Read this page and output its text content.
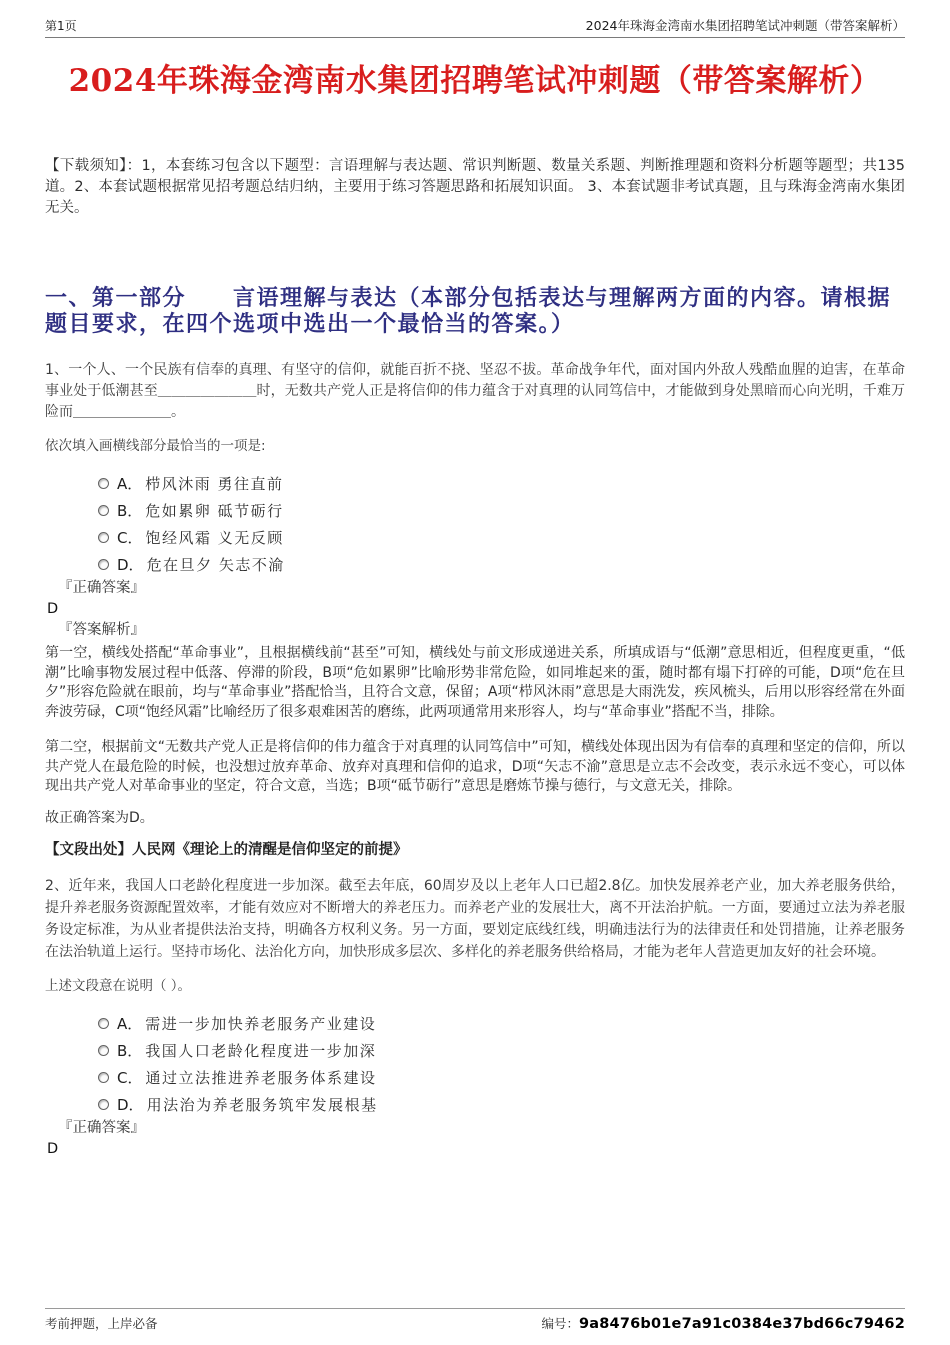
第1页	2024年珠海金湾南水集团招聘笔试冲刺题（带答案解析）
2024年珠海金湾南水集团招聘笔试冲刺题（带答案解析）

【下载须知】：1，本套练习包含以下题型：言语理解与表达题、常识判断题、数量关系题、判断推理题和资料分析题等题型；共135道。2、本套试题根据常见招考题总结归纳，主要用于练习答题思路和拓展知识面。 3、本套试题非考试真题，且与珠海金湾南水集团无关。

一、第一部分　　言语理解与表达（本部分包括表达与理解两方面的内容。请根据题目要求，在四个选项中选出一个最恰当的答案。）

1、一个人、一个民族有信奉的真理、有坚守的信仰，就能百折不挠、坚忍不拔。革命战争年代，面对国内外敌人残酷血腥的迫害，在革命事业处于低潮甚至＿＿＿＿＿＿＿时，无数共产党人正是将信仰的伟力蕴含于对真理的认同笃信中，才能做到身处黑暗而心向光明，千难万险而＿＿＿＿＿＿＿。

依次填入画横线部分最恰当的一项是:

A． 栉风沐雨 勇往直前
B． 危如累卵 砥节砺行
C． 饱经风霜 义无反顾
D． 危在旦夕 矢志不渝
『正确答案』
D
『答案解析』

第一空，横线处搭配“革命事业”，且根据横线前“甚至”可知，横线处与前文形成递进关系，所填成语与“低潮”意思相近，但程度更重，“低潮”比喻事物发展过程中低落、停滞的阶段，B项“危如累卵”比喻形势非常危险，如同堆起来的蛋，随时都有塌下打碎的可能，D项“危在旦夕”形容危险就在眼前，均与“革命事业”搭配恰当，且符合文意，保留；A项“栉风沐雨”意思是大雨洗发，疾风梳头，后用以形容经常在外面奔波劳碌，C项“饱经风霜”比喻经历了很多艰难困苦的磨练，此两项通常用来形容人，均与“革命事业”搭配不当，排除。

第二空，根据前文“无数共产党人正是将信仰的伟力蕴含于对真理的认同笃信中”可知，横线处体现出因为有信奉的真理和坚定的信仰，所以共产党人在最危险的时候，也没想过放弃革命、放弃对真理和信仰的追求，D项“矢志不渝”意思是立志不会改变，表示永远不变心，可以体现出共产党人对革命事业的坚定，符合文意，当选；B项“砥节砺行”意思是磨炼节操与德行，与文意无关，排除。

故正确答案为D。
【文段出处】人民网《理论上的清醒是信仰坚定的前提》

2、近年来，我国人口老龄化程度进一步加深。截至去年底，60周岁及以上老年人口已超2.8亿。加快发展养老产业，加大养老服务供给，提升养老服务资源配置效率，才能有效应对不断增大的养老压力。而养老产业的发展壮大，离不开法治护航。一方面，要通过立法为养老服务设定标准，为从业者提供法治支持，明确各方权利义务。另一方面，要划定底线红线，明确违法行为的法律责任和处罚措施，让养老服务在法治轨道上运行。坚持市场化、法治化方向，加快形成多层次、多样化的养老服务供给格局，才能为老年人营造更加友好的社会环境。

上述文段意在说明（ ）。

A． 需进一步加快养老服务产业建设
B． 我国人口老龄化程度进一步加深
C． 通过立法推进养老服务体系建设
D． 用法治为养老服务筑牢发展根基
『正确答案』
D
考前押题，上岸必备	编号：9a8476b01e7a91c0384e37bd66c79462
